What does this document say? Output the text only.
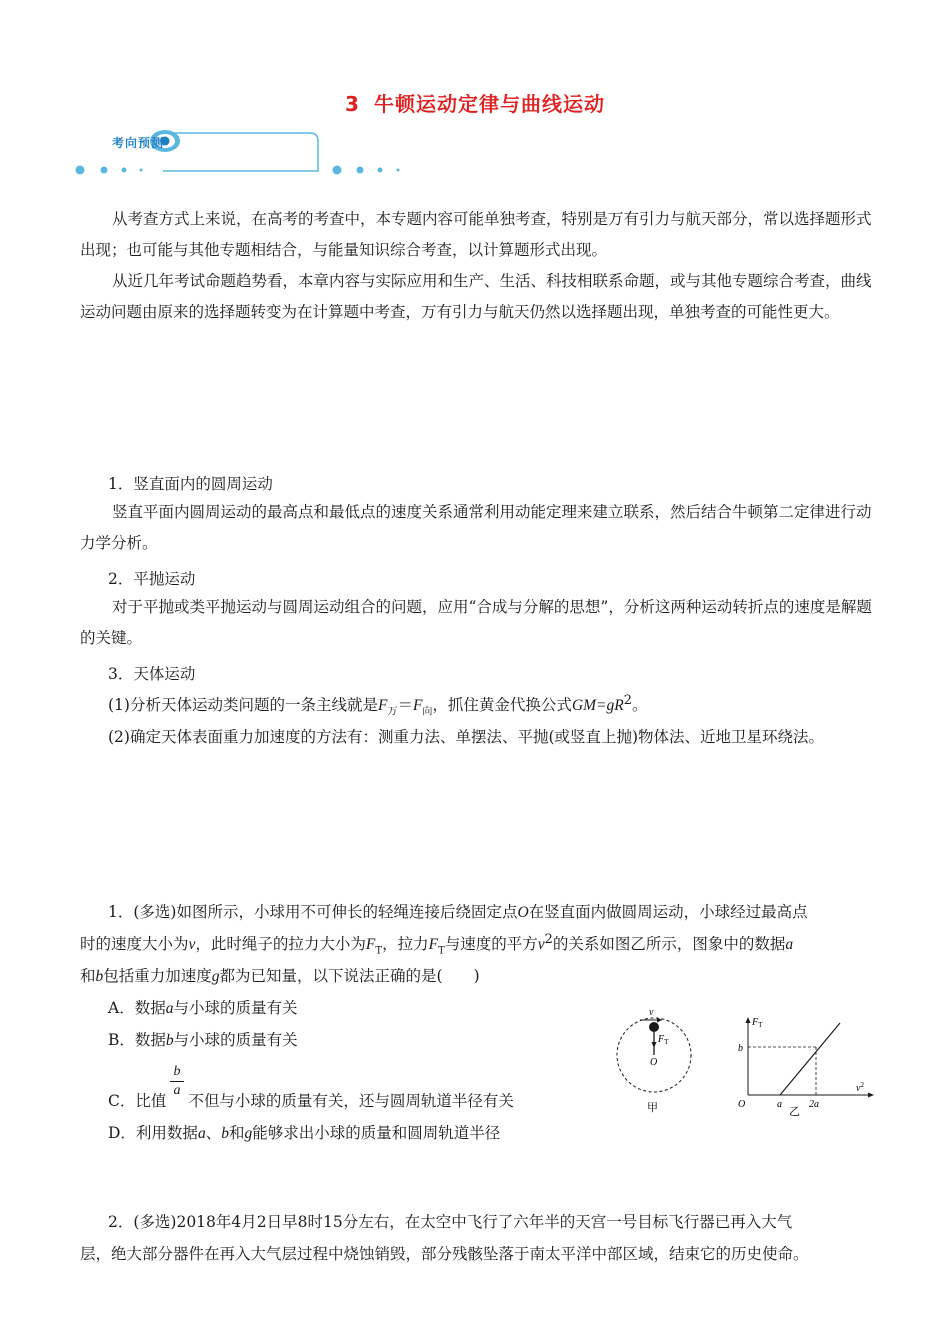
3 牛顿运动定律与曲线运动
考向预测

从考查方式上来说，在高考的考查中，本专题内容可能单独考查，特别是万有引力与航天部分，常以选择题形式出现；也可能与其他专题相结合，与能量知识综合考查，以计算题形式出现。

从近几年考试命题趋势看，本章内容与实际应用和生产、生活、科技相联系命题，或与其他专题综合考查，曲线运动问题由原来的选择题转变为在计算题中考查，万有引力与航天仍然以选择题出现，单独考查的可能性更大。

1．竖直面内的圆周运动

竖直平面内圆周运动的最高点和最低点的速度关系通常利用动能定理来建立联系，然后结合牛顿第二定律进行动力学分析。

2．平抛运动

对于平抛或类平抛运动与圆周运动组合的问题，应用“合成与分解的思想”，分析这两种运动转折点的速度是解题的关键。

3．天体运动
(1)分析天体运动类问题的一条主线就是$F_万=F_向$，抓住黄金代换公式$GM=gR^2$。
(2)确定天体表面重力加速度的方法有：测重力法、单摆法、平抛(或竖直上抛)物体法、近地卫星环绕法。
1．(多选)如图所示，小球用不可伸长的轻绳连接后绕固定点O在竖直面内做圆周运动，小球经过最高点
时的速度大小为v，此时绳子的拉力大小为$F_T$，拉力$F_T$与速度的平方$v^2$的关系如图乙所示，图象中的数据a
和b包括重力加速度g都为已知量，以下说法正确的是(　　)
A．数据a与小球的质量有关
B．数据b与小球的质量有关
b
a
C．比值 不但与小球的质量有关，还与圆周轨道半径有关
D．利用数据a、b和g能够求出小球的质量和圆周轨道半径
v
$F_T$
O
甲
$F_T$
b
O	a	2a
$v^2$
乙
2．(多选)2018年4月2日早8时15分左右，在太空中飞行了六年半的天宫一号目标飞行器已再入大气
层，绝大部分器件在再入大气层过程中烧蚀销毁，部分残骸坠落于南太平洋中部区域，结束它的历史使命。
